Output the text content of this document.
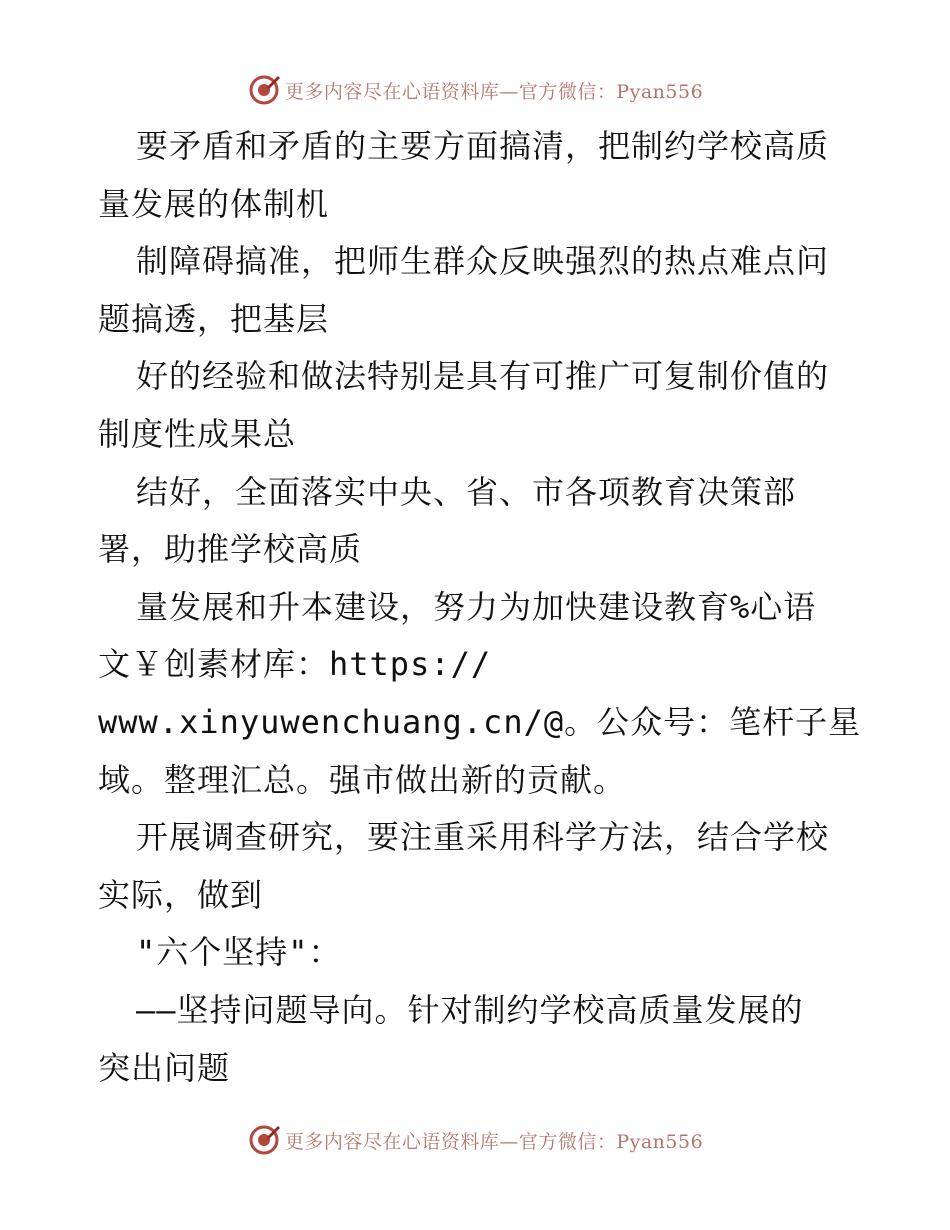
更多内容尽在心语资料库—官方微信：Pyan556
要矛盾和矛盾的主要方面搞清，把制约学校高质
量发展的体制机
制障碍搞准，把师生群众反映强烈的热点难点问
题搞透，把基层
好的经验和做法特别是具有可推广可复制价值的
制度性成果总
结好，全面落实中央、省、市各项教育决策部
署，助推学校高质
量发展和升本建设，努力为加快建设教育%心语
文￥创素材库：https://
www.xinyuwenchuang.cn/@。公众号：笔杆子星
域。整理汇总。强市做出新的贡献。
开展调查研究，要注重采用科学方法，结合学校
实际，做到
"六个坚持"：
——坚持问题导向。针对制约学校高质量发展的
突出问题
更多内容尽在心语资料库—官方微信：Pyan556
